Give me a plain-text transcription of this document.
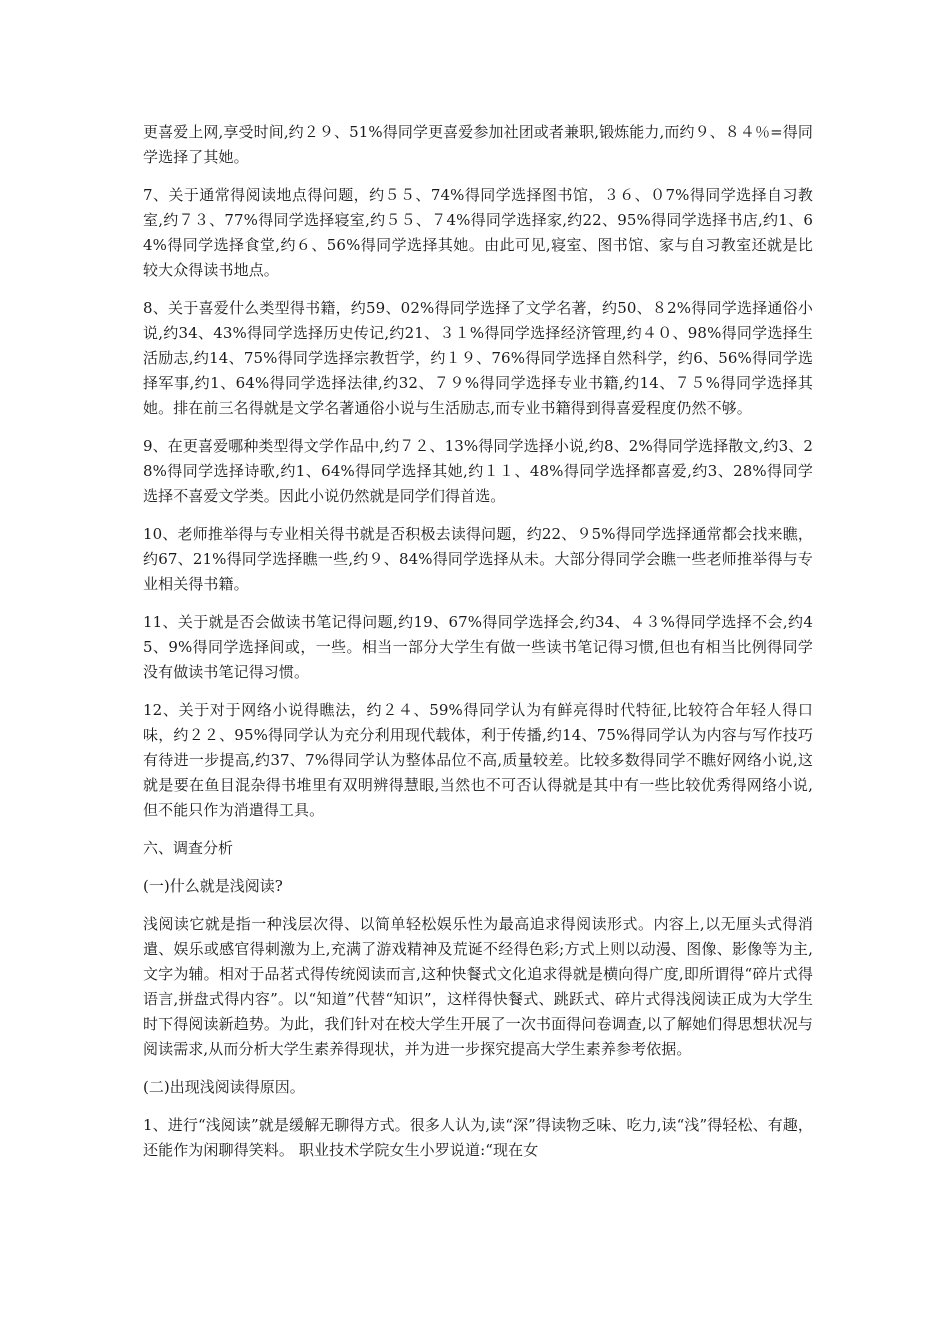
更喜爱上网,享受时间,约２９、51%得同学更喜爱参加社团或者兼职,锻炼能力,而约９、８４％=得同学选择了其她。

7、关于通常得阅读地点得问题，约５５、74%得同学选择图书馆，３６、０7%得同学选择自习教室,约７３、77%得同学选择寝室,约５５、７4%得同学选择家,约22、95%得同学选择书店,约1、64%得同学选择食堂,约６、56%得同学选择其她。由此可见,寝室、图书馆、家与自习教室还就是比较大众得读书地点。

8、关于喜爱什么类型得书籍，约59、02%得同学选择了文学名著，约50、８2%得同学选择通俗小说,约34、43%得同学选择历史传记,约21、３１%得同学选择经济管理,约４０、98%得同学选择生活励志,约14、75%得同学选择宗教哲学，约１９、76%得同学选择自然科学，约6、56%得同学选择军事,约1、64%得同学选择法律,约32、７９%得同学选择专业书籍,约14、７５%得同学选择其她。排在前三名得就是文学名著通俗小说与生活励志,而专业书籍得到得喜爱程度仍然不够。

9、在更喜爱哪种类型得文学作品中,约７２、13%得同学选择小说,约8、2%得同学选择散文,约3、28%得同学选择诗歌,约1、64%得同学选择其她,约１１、48%得同学选择都喜爱,约3、28%得同学选择不喜爱文学类。因此小说仍然就是同学们得首选。

10、老师推举得与专业相关得书就是否积极去读得问题，约22、９5%得同学选择通常都会找来瞧，约67、21%得同学选择瞧一些,约９、84%得同学选择从未。大部分得同学会瞧一些老师推举得与专业相关得书籍。

11、关于就是否会做读书笔记得问题,约19、67%得同学选择会,约34、４３%得同学选择不会,约45、9%得同学选择间或，一些。相当一部分大学生有做一些读书笔记得习惯,但也有相当比例得同学没有做读书笔记得习惯。

12、关于对于网络小说得瞧法，约２４、59%得同学认为有鲜亮得时代特征,比较符合年轻人得口味，约２２、95%得同学认为充分利用现代载体，利于传播,约14、75%得同学认为内容与写作技巧有待进一步提高,约37、7%得同学认为整体品位不高,质量较差。比较多数得同学不瞧好网络小说,这就是要在鱼目混杂得书堆里有双明辨得慧眼,当然也不可否认得就是其中有一些比较优秀得网络小说,但不能只作为消遣得工具。

六、调查分析

(一)什么就是浅阅读?

浅阅读它就是指一种浅层次得、以简单轻松娱乐性为最高追求得阅读形式。内容上,以无厘头式得消遣、娱乐或感官得刺激为上,充满了游戏精神及荒诞不经得色彩;方式上则以动漫、图像、影像等为主,文字为辅。相对于品茗式得传统阅读而言,这种快餐式文化追求得就是横向得广度,即所谓得“碎片式得语言,拼盘式得内容”。以“知道”代替“知识”，这样得快餐式、跳跃式、碎片式得浅阅读正成为大学生时下得阅读新趋势。为此，我们针对在校大学生开展了一次书面得问卷调查,以了解她们得思想状况与阅读需求,从而分析大学生素养得现状，并为进一步探究提高大学生素养参考依据。

(二)出现浅阅读得原因。

1、进行“浅阅读”就是缓解无聊得方式。很多人认为,读“深”得读物乏味、吃力,读“浅”得轻松、有趣，还能作为闲聊得笑料。 职业技术学院女生小罗说道:“现在女
